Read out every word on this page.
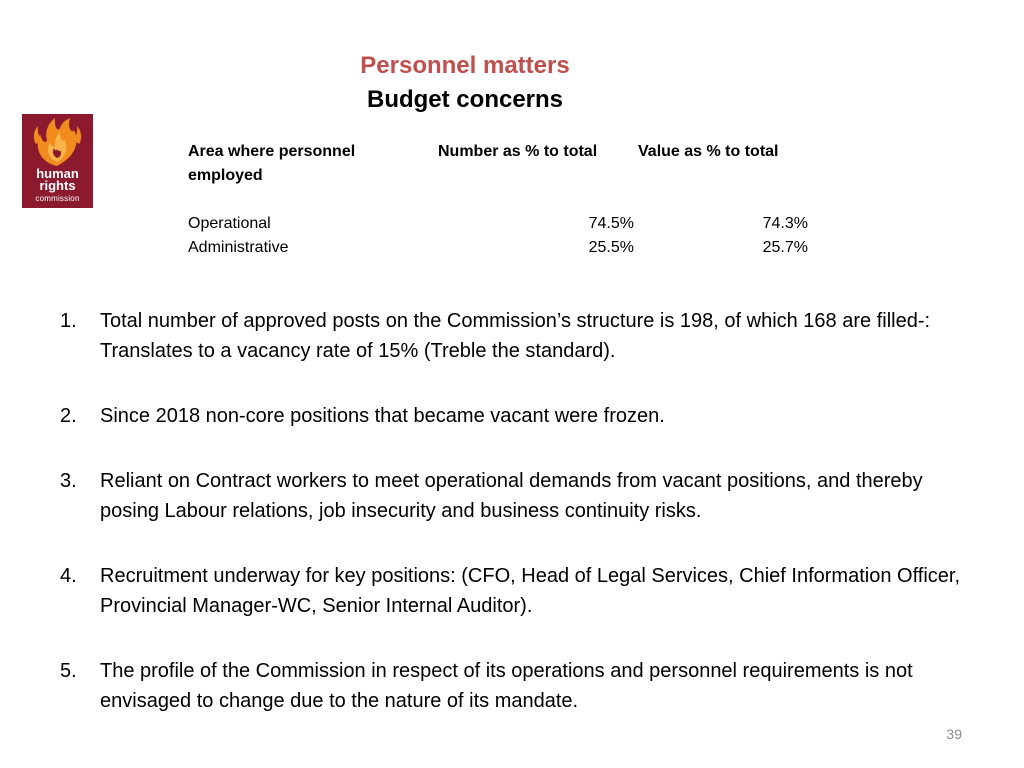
Personnel matters
Budget concerns
human
rights
commission
Area where personnel employed	Number as % to total	Value as % to total

Operational	74.5%	74.3%
Administrative	25.5%	25.7%
1. Total number of approved posts on the Commission’s structure is 198, of which 168 are filled-: Translates to a vacancy rate of 15% (Treble the standard).
2. Since 2018 non-core positions that became vacant were frozen.
3. Reliant on Contract workers to meet operational demands from vacant positions, and thereby posing Labour relations, job insecurity and business continuity risks.
4. Recruitment underway for key positions: (CFO, Head of Legal Services, Chief Information Officer, Provincial Manager-WC, Senior Internal Auditor).
5. The profile of the Commission in respect of its operations and personnel requirements is not envisaged to change due to the nature of its mandate.
39
